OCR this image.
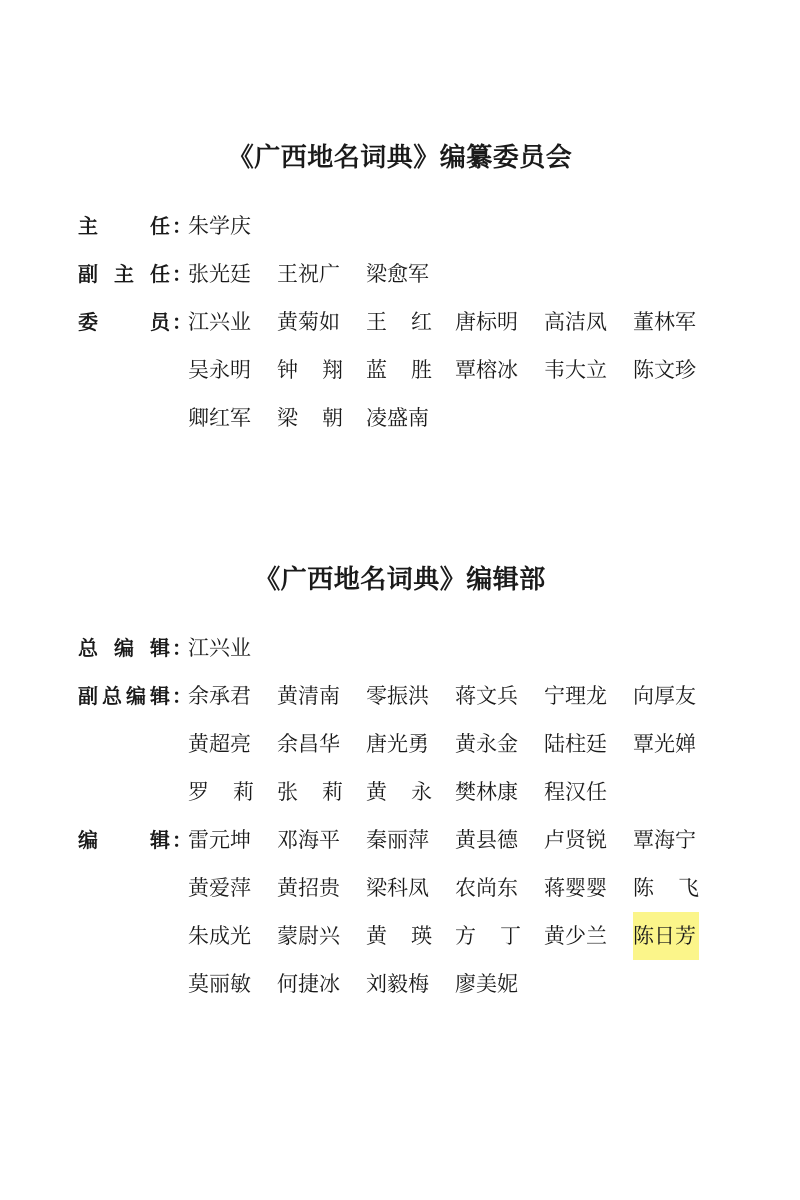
《广西地名词典》编纂委员会
主任 ：
朱学庆
副主任 ：
张光廷 王祝广 梁愈军
委员 ：
江兴业 黄菊如 王红 唐标明 高洁凤 董林军
吴永明 钟翔 蓝胜 覃榕冰 韦大立 陈文珍
卿红军 梁朝 凌盛南
《广西地名词典》编辑部
总编辑 ：
江兴业
副总编辑 ：
余承君 黄清南 零振洪 蒋文兵 宁理龙 向厚友
黄超亮 余昌华 唐光勇 黄永金 陆柱廷 覃光婵
罗莉 张莉 黄永 樊林康 程汉任
编辑 ：
雷元坤 邓海平 秦丽萍 黄县德 卢贤锐 覃海宁
黄爱萍 黄招贵 梁科凤 农尚东 蒋婴婴 陈飞
朱成光 蒙尉兴 黄瑛 方丁 黄少兰 陈日芳
莫丽敏 何捷冰 刘毅梅 廖美妮
